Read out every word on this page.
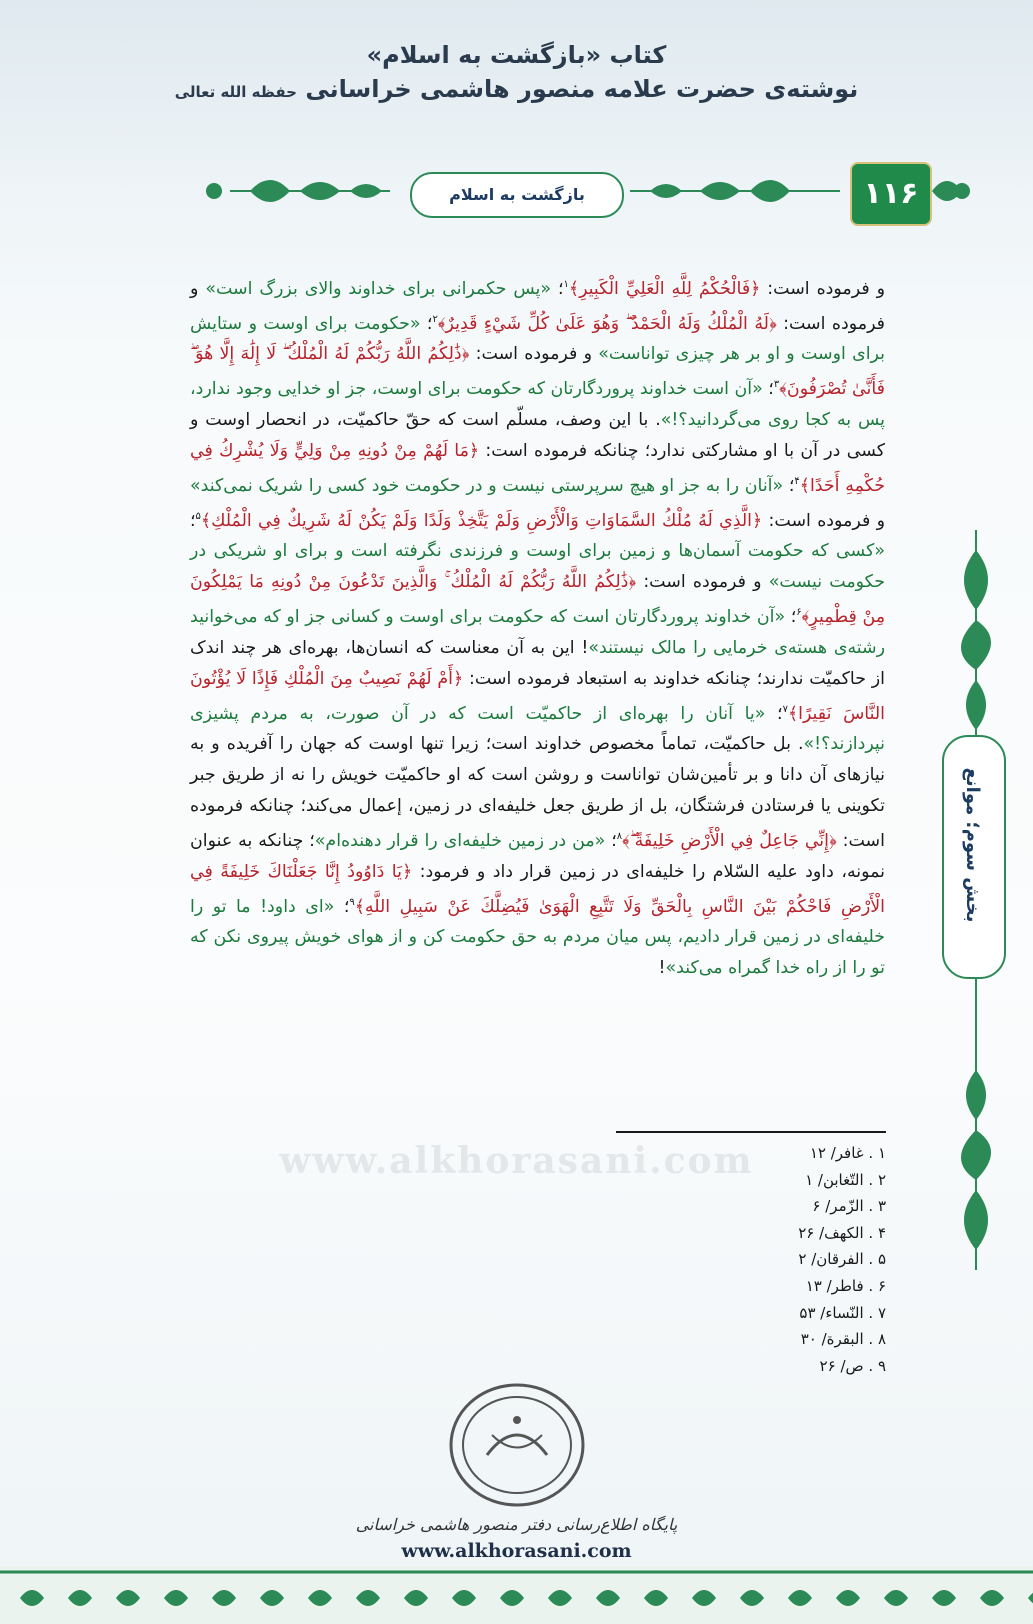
کتاب «بازگشت به اسلام»
نوشته‌ی حضرت علامه منصور هاشمی خراسانی حفظه الله تعالی
بازگشت به اسلام	۱۱۶
بخش سوم؛ موانع

و فرموده است: ﴿فَالْحُكْمُ لِلَّهِ الْعَلِيِّ الْكَبِيرِ﴾$^۱$؛ «پس حکمرانی برای خداوند والای بزرگ است» و فرموده است: ﴿لَهُ الْمُلْكُ وَلَهُ الْحَمْدُ ۖ وَهُوَ عَلَىٰ كُلِّ شَيْءٍ قَدِيرٌ﴾$^۲$؛ «حکومت برای اوست و ستایش برای اوست و او بر هر چیزی تواناست» و فرموده است: ﴿ذَٰلِكُمُ اللَّهُ رَبُّكُمْ لَهُ الْمُلْكُ ۖ لَا إِلَٰهَ إِلَّا هُوَ ۖ فَأَنَّىٰ تُصْرَفُونَ﴾$^۳$؛ «آن است خداوند پروردگارتان که حکومت برای اوست، جز او خدایی وجود ندارد، پس به کجا روی می‌گردانید؟!». با این وصف، مسلّم است که حقّ حاکمیّت، در انحصار اوست و کسی در آن با او مشارکتی ندارد؛ چنانکه فرموده است: ﴿مَا لَهُمْ مِنْ دُونِهِ مِنْ وَلِيٍّ وَلَا يُشْرِكُ فِي حُكْمِهِ أَحَدًا﴾$^۴$؛ «آنان را به جز او هیچ سرپرستی نیست و در حکومت خود کسی را شریک نمی‌کند» و فرموده است: ﴿الَّذِي لَهُ مُلْكُ السَّمَاوَاتِ وَالْأَرْضِ وَلَمْ يَتَّخِذْ وَلَدًا وَلَمْ يَكُنْ لَهُ شَرِيكٌ فِي الْمُلْكِ﴾$^۵$؛ «کسی که حکومت آسمان‌ها و زمین برای اوست و فرزندی نگرفته است و برای او شریکی در حکومت نیست» و فرموده است: ﴿ذَٰلِكُمُ اللَّهُ رَبُّكُمْ لَهُ الْمُلْكُ ۚ وَالَّذِينَ تَدْعُونَ مِنْ دُونِهِ مَا يَمْلِكُونَ مِنْ قِطْمِيرٍ﴾$^۶$؛ «آن خداوند پروردگارتان است که حکومت برای اوست و کسانی جز او که می‌خوانید رشته‌ی هسته‌ی خرمایی را مالک نیستند»! این به آن معناست که انسان‌ها، بهره‌ای هر چند اندک از حاکمیّت ندارند؛ چنانکه خداوند به استبعاد فرموده است: ﴿أَمْ لَهُمْ نَصِيبٌ مِنَ الْمُلْكِ فَإِذًا لَا يُؤْتُونَ النَّاسَ نَقِيرًا﴾$^۷$؛ «یا آنان را بهره‌ای از حاکمیّت است که در آن صورت، به مردم پشیزی نپردازند؟!». بل حاکمیّت، تماماً مخصوص خداوند است؛ زیرا تنها اوست که جهان را آفریده و به نیازهای آن دانا و بر تأمین‌شان تواناست و روشن است که او حاکمیّت خویش را نه از طریق جبر تکوینی یا فرستادن فرشتگان، بل از طریق جعل خلیفه‌ای در زمین، إعمال می‌کند؛ چنانکه فرموده است: ﴿إِنِّي جَاعِلٌ فِي الْأَرْضِ خَلِيفَةً ۖ﴾$^۸$؛ «من در زمین خلیفه‌ای را قرار دهنده‌ام»؛ چنانکه به عنوان نمونه، داود علیه السّلام را خلیفه‌ای در زمین قرار داد و فرمود: ﴿يَا دَاوُودُ إِنَّا جَعَلْنَاكَ خَلِيفَةً فِي الْأَرْضِ فَاحْكُمْ بَيْنَ النَّاسِ بِالْحَقِّ وَلَا تَتَّبِعِ الْهَوَىٰ فَيُضِلَّكَ عَنْ سَبِيلِ اللَّهِ﴾$^۹$؛ «ای داود! ما تو را خلیفه‌ای در زمین قرار دادیم، پس میان مردم به حق حکومت کن و از هوای خویش پیروی نکن که تو را از راه خدا گمراه می‌کند»!

www.alkhorasani.com	۱ . غافر/ ۱۲
۲ . التّغابن/ ۱
۳ . الزّمر/ ۶
۴ . الکهف/ ۲۶
۵ . الفرقان/ ۲
۶ . فاطر/ ۱۳
۷ . النّساء/ ۵۳
۸ . البقرة/ ۳۰
۹ . ص/ ۲۶
پایگاه اطلاع‌رسانی دفتر منصور هاشمی خراسانی
www.alkhorasani.com
